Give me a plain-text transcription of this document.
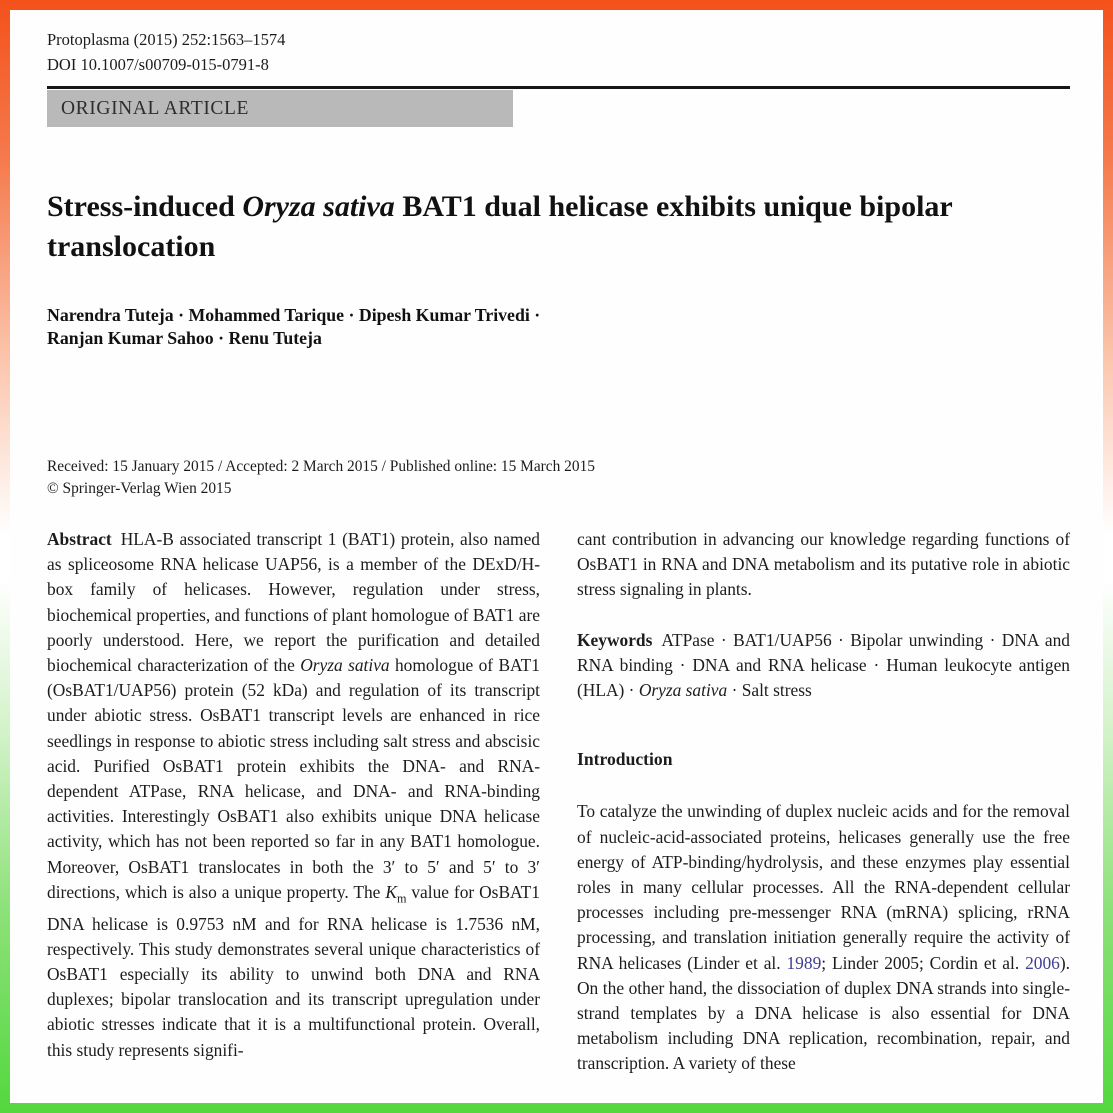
Protoplasma (2015) 252:1563–1574
DOI 10.1007/s00709-015-0791-8
ORIGINAL ARTICLE
Stress-induced Oryza sativa BAT1 dual helicase exhibits unique bipolar translocation
Narendra Tuteja · Mohammed Tarique · Dipesh Kumar Trivedi ·
Ranjan Kumar Sahoo · Renu Tuteja
Received: 15 January 2015 / Accepted: 2 March 2015 / Published online: 15 March 2015
© Springer-Verlag Wien 2015

Abstract HLA-B associated transcript 1 (BAT1) protein, also named as spliceosome RNA helicase UAP56, is a member of the DExD/H-box family of helicases. However, regulation under stress, biochemical properties, and functions of plant homologue of BAT1 are poorly understood. Here, we report the purification and detailed biochemical characterization of the Oryza sativa homologue of BAT1 (OsBAT1/UAP56) protein (52 kDa) and regulation of its transcript under abiotic stress. OsBAT1 transcript levels are enhanced in rice seedlings in response to abiotic stress including salt stress and abscisic acid. Purified OsBAT1 protein exhibits the DNA- and RNA-dependent ATPase, RNA helicase, and DNA- and RNA-binding activities. Interestingly OsBAT1 also exhibits unique DNA helicase activity, which has not been reported so far in any BAT1 homologue. Moreover, OsBAT1 translocates in both the 3′ to 5′ and 5′ to 3′ directions, which is also a unique property. The $K_m$ value for OsBAT1 DNA helicase is 0.9753 nM and for RNA helicase is 1.7536 nM, respectively. This study demonstrates several unique characteristics of OsBAT1 especially its ability to unwind both DNA and RNA duplexes; bipolar translocation and its transcript upregulation under abiotic stresses indicate that it is a multifunctional protein. Overall, this study represents signifi-

cant contribution in advancing our knowledge regarding functions of OsBAT1 in RNA and DNA metabolism and its putative role in abiotic stress signaling in plants.

Keywords ATPase · BAT1/UAP56 · Bipolar unwinding · DNA and RNA binding · DNA and RNA helicase · Human leukocyte antigen (HLA) · Oryza sativa · Salt stress

Introduction

To catalyze the unwinding of duplex nucleic acids and for the removal of nucleic-acid-associated proteins, helicases generally use the free energy of ATP-binding/hydrolysis, and these enzymes play essential roles in many cellular processes. All the RNA-dependent cellular processes including pre-messenger RNA (mRNA) splicing, rRNA processing, and translation initiation generally require the activity of RNA helicases (Linder et al. 1989; Linder 2005; Cordin et al. 2006). On the other hand, the dissociation of duplex DNA strands into single-strand templates by a DNA helicase is also essential for DNA metabolism including DNA replication, recombination, repair, and transcription. A variety of these
